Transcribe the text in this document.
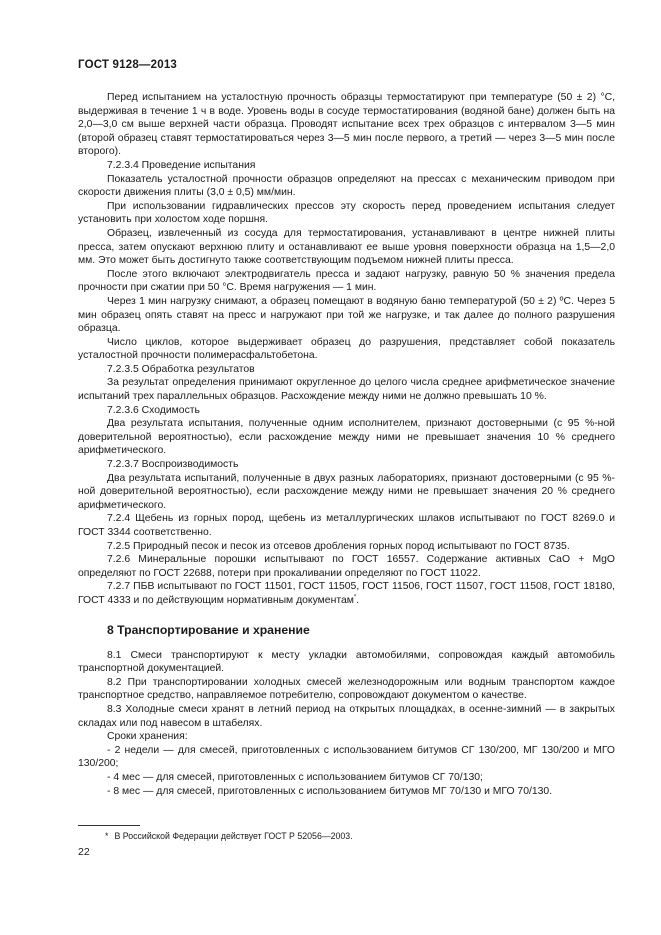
ГОСТ 9128—2013

Перед испытанием на усталостную прочность образцы термостатируют при температуре (50 ± 2) °С, выдерживая в течение 1 ч в воде. Уровень воды в сосуде термостатирования (водяной бане) должен быть на 2,0—3,0 см выше верхней части образца. Проводят испытание всех трех образцов с интервалом 3—5 мин (второй образец ставят термостатироваться через 3—5 мин после первого, а третий — через 3—5 мин после второго).

7.2.3.4 Проведение испытания

Показатель усталостной прочности образцов определяют на прессах с механическим приводом при скорости движения плиты (3,0 ± 0,5) мм/мин.

При использовании гидравлических прессов эту скорость перед проведением испытания следует установить при холостом ходе поршня.

Образец, извлеченный из сосуда для термостатирования, устанавливают в центре нижней плиты пресса, затем опускают верхнюю плиту и останавливают ее выше уровня поверхности образца на 1,5—2,0 мм. Это может быть достигнуто также соответствующим подъемом нижней плиты пресса.

После этого включают электродвигатель пресса и задают нагрузку, равную 50 % значения предела прочности при сжатии при 50 °С. Время нагружения — 1 мин.

Через 1 мин нагрузку снимают, а образец помещают в водяную баню температурой (50 ± 2) ºС. Через 5 мин образец опять ставят на пресс и нагружают при той же нагрузке, и так далее до полного разрушения образца.

Число циклов, которое выдерживает образец до разрушения, представляет собой показатель усталостной прочности полимерасфальтобетона.

7.2.3.5 Обработка результатов

За результат определения принимают округленное до целого числа среднее арифметическое значение испытаний трех параллельных образцов. Расхождение между ними не должно превышать 10 %.

7.2.3.6 Сходимость

Два результата испытания, полученные одним исполнителем, признают достоверными (с 95 %-ной доверительной вероятностью), если расхождение между ними не превышает значения 10 % среднего арифметического.

7.2.3.7 Воспроизводимость

Два результата испытаний, полученные в двух разных лабораториях, признают достоверными (с 95 %-ной доверительной вероятностью), если расхождение между ними не превышает значения 20 % среднего арифметического.

7.2.4 Щебень из горных пород, щебень из металлургических шлаков испытывают по ГОСТ 8269.0 и ГОСТ 3344 соответственно.

7.2.5 Природный песок и песок из отсевов дробления горных пород испытывают по ГОСТ 8735.

7.2.6 Минеральные порошки испытывают по ГОСТ 16557. Содержание активных CaO + MgO определяют по ГОСТ 22688, потери при прокаливании определяют по ГОСТ 11022.

7.2.7 ПБВ испытывают по ГОСТ 11501, ГОСТ 11505, ГОСТ 11506, ГОСТ 11507, ГОСТ 11508, ГОСТ 18180, ГОСТ 4333 и по действующим нормативным документам*.

8 Транспортирование и хранение

8.1 Смеси транспортируют к месту укладки автомобилями, сопровождая каждый автомобиль транспортной документацией.

8.2 При транспортировании холодных смесей железнодорожным или водным транспортом каждое транспортное средство, направляемое потребителю, сопровождают документом о качестве.

8.3 Холодные смеси хранят в летний период на открытых площадках, в осенне-зимний — в закрытых складах или под навесом в штабелях.

Сроки хранения:

- 2 недели — для смесей, приготовленных с использованием битумов СГ 130/200, МГ 130/200 и МГО 130/200;

- 4 мес — для смесей, приготовленных с использованием битумов СГ 70/130;

- 8 мес — для смесей, приготовленных с использованием битумов МГ 70/130 и МГО 70/130.

* В Российской Федерации действует ГОСТ Р 52056—2003.
22
